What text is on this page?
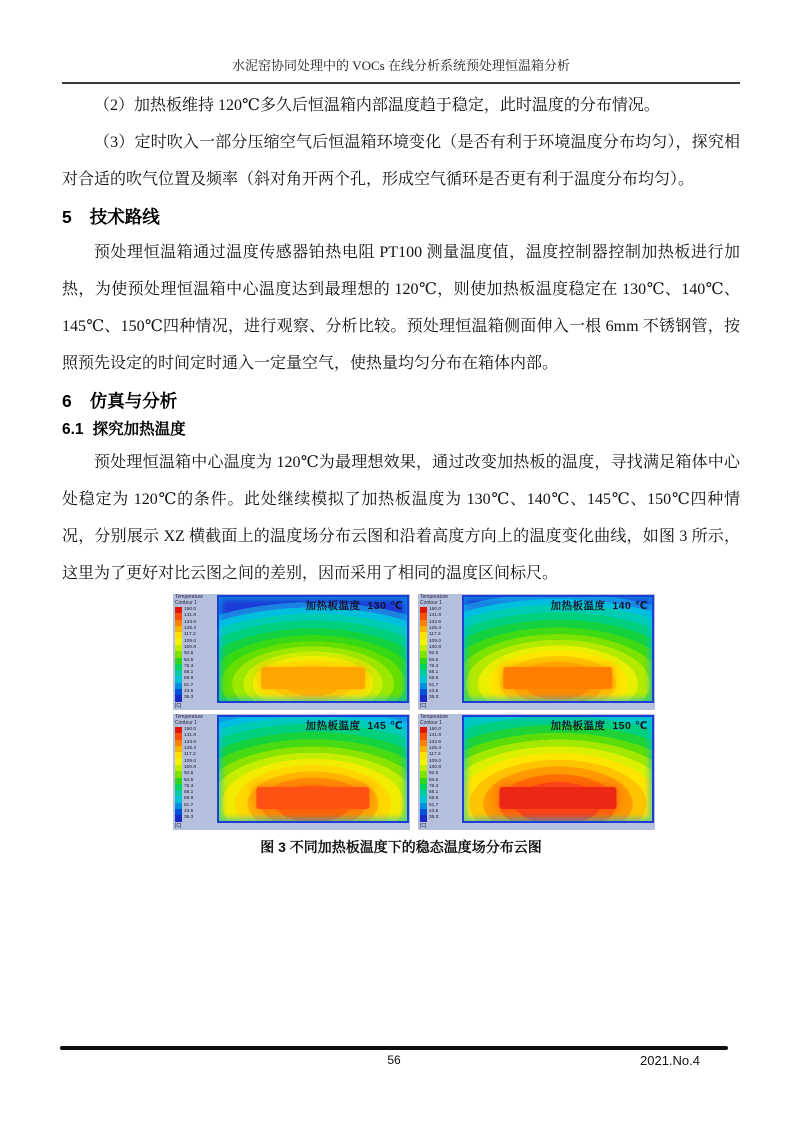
水泥窑协同处理中的 VOCs 在线分析系统预处理恒温箱分析

（2）加热板维持 120℃多久后恒温箱内部温度趋于稳定，此时温度的分布情况。

（3）定时吹入一部分压缩空气后恒温箱环境变化（是否有利于环境温度分布均匀），探究相对合适的吹气位置及频率（斜对角开两个孔，形成空气循环是否更有利于温度分布均匀）。

5 技术路线

预处理恒温箱通过温度传感器铂热电阻 PT100 测量温度值，温度控制器控制加热板进行加热，为使预处理恒温箱中心温度达到最理想的 120℃，则使加热板温度稳定在 130℃、140℃、145℃、150℃四种情况，进行观察、分析比较。预处理恒温箱侧面伸入一根 6mm 不锈钢管，按照预先设定的时间定时通入一定量空气，使热量均匀分布在箱体内部。

6 仿真与分析
6.1 探究加热温度

预处理恒温箱中心温度为 120℃为最理想效果，通过改变加热板的温度，寻找满足箱体中心处稳定为 120℃的条件。此处继续模拟了加热板温度为 130℃、140℃、145℃、150℃四种情况，分别展示 XZ 横截面上的温度场分布云图和沿着高度方向上的温度变化曲线，如图 3 所示，这里为了更好对比云图之间的差别，因而采用了相同的温度区间标尺。

Temperature
Contour 1
150.0
141.8
133.6
125.4
117.2
109.0
100.8
92.6
84.5
76.3
68.1
59.9
51.7
43.5
35.3
[C]
加热板温度  130 ℃
Temperature
Contour 1
150.0
141.8
133.6
125.4
117.2
109.0
100.8
92.6
84.5
76.3
68.1
59.9
51.7
43.5
35.3
[C]
加热板温度  140 ℃
Temperature
Contour 1
150.0
141.8
133.6
125.4
117.2
109.0
100.8
92.6
84.5
76.3
68.1
59.9
51.7
43.5
35.3
[C]
加热板温度  145 ℃
Temperature
Contour 1
150.0
141.8
133.6
125.4
117.2
109.0
100.8
92.6
84.5
76.3
68.1
59.9
51.7
43.5
35.3
[C]
加热板温度  150 ℃
图 3 不同加热板温度下的稳态温度场分布云图
56	2021.No.4
